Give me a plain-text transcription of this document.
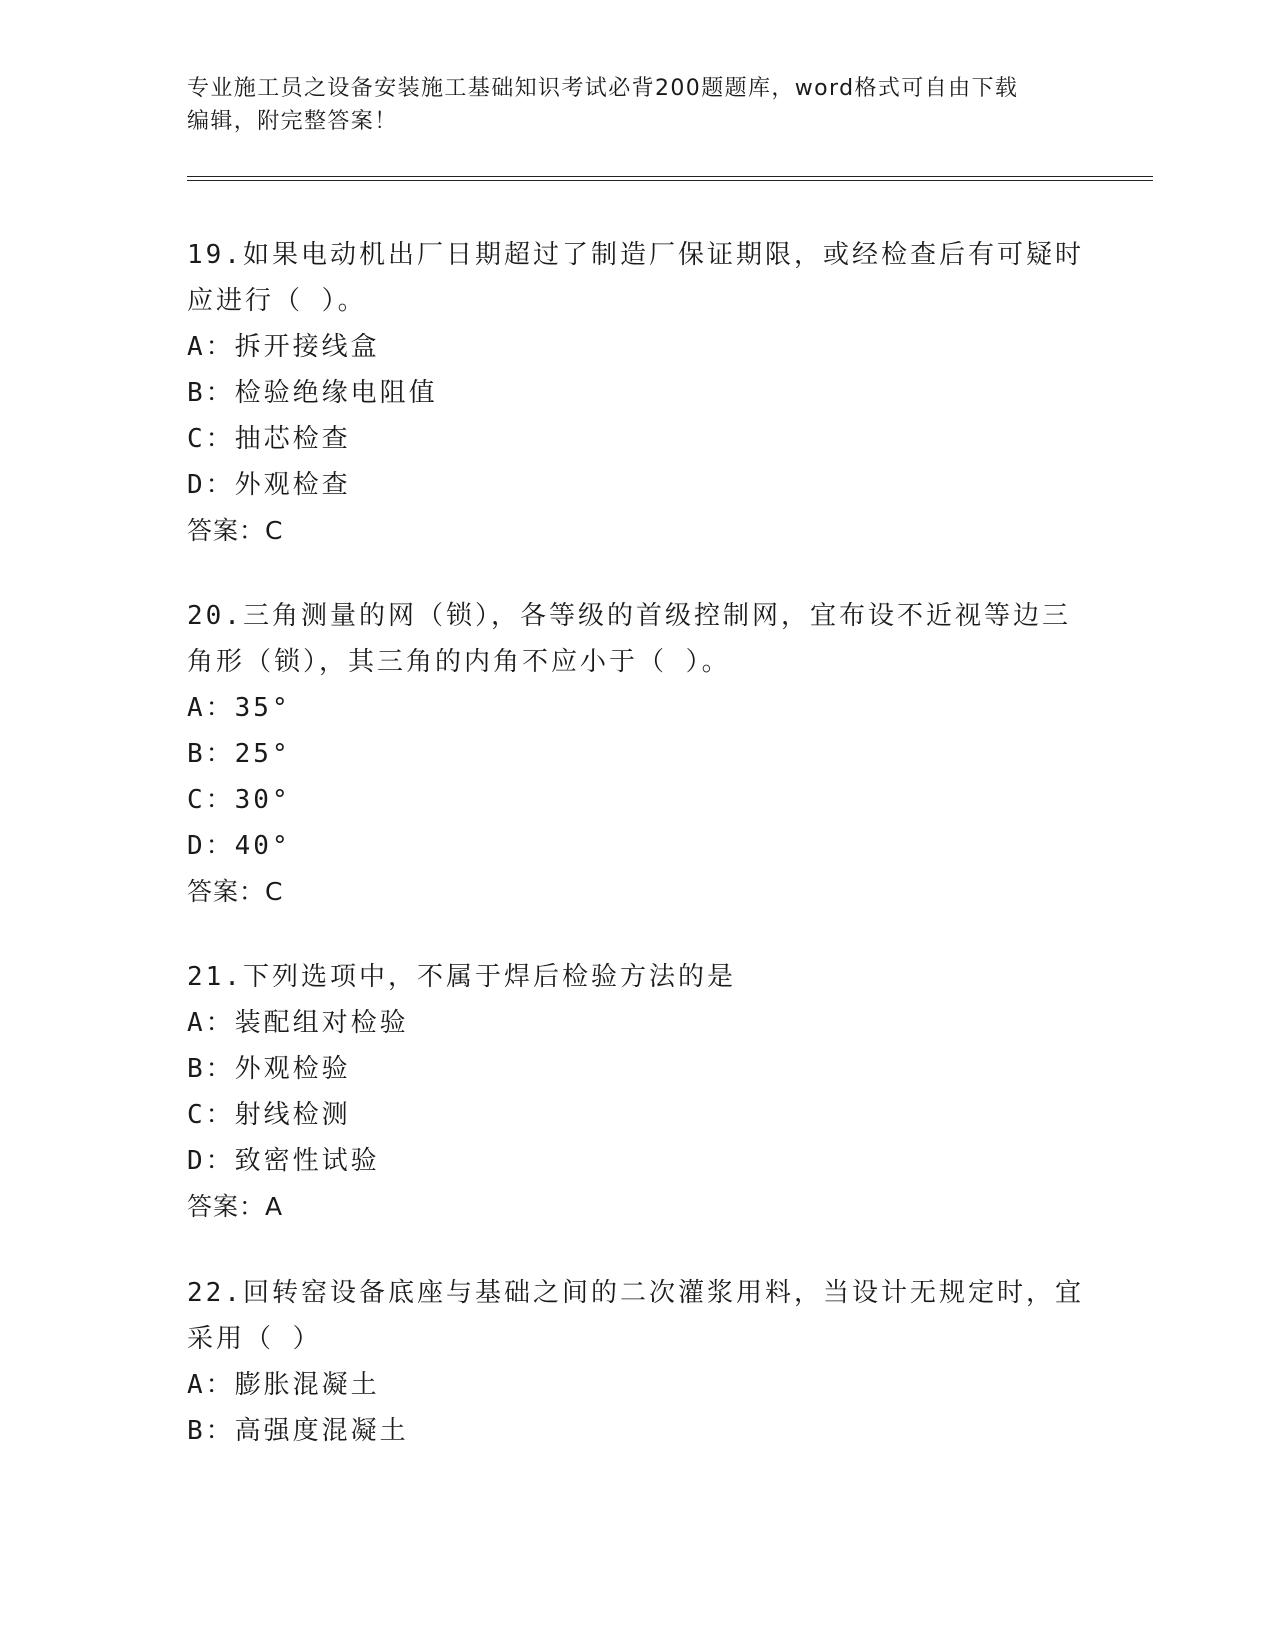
专业施工员之设备安装施工基础知识考试必背200题题库，word格式可自由下载
编辑，附完整答案！

19.如果电动机出厂日期超过了制造厂保证期限，或经检查后有可疑时

应进行（ ）。

A：拆开接线盒

B：检验绝缘电阻值

C：抽芯检查

D：外观检查

答案：C

20.三角测量的网（锁），各等级的首级控制网，宜布设不近视等边三

角形（锁），其三角的内角不应小于（ ）。

A：35°

B：25°

C：30°

D：40°

答案：C

21.下列选项中，不属于焊后检验方法的是

A：装配组对检验

B：外观检验

C：射线检测

D：致密性试验

答案：A

22.回转窑设备底座与基础之间的二次灌浆用料，当设计无规定时，宜

采用（ ）

A：膨胀混凝土

B：高强度混凝土
